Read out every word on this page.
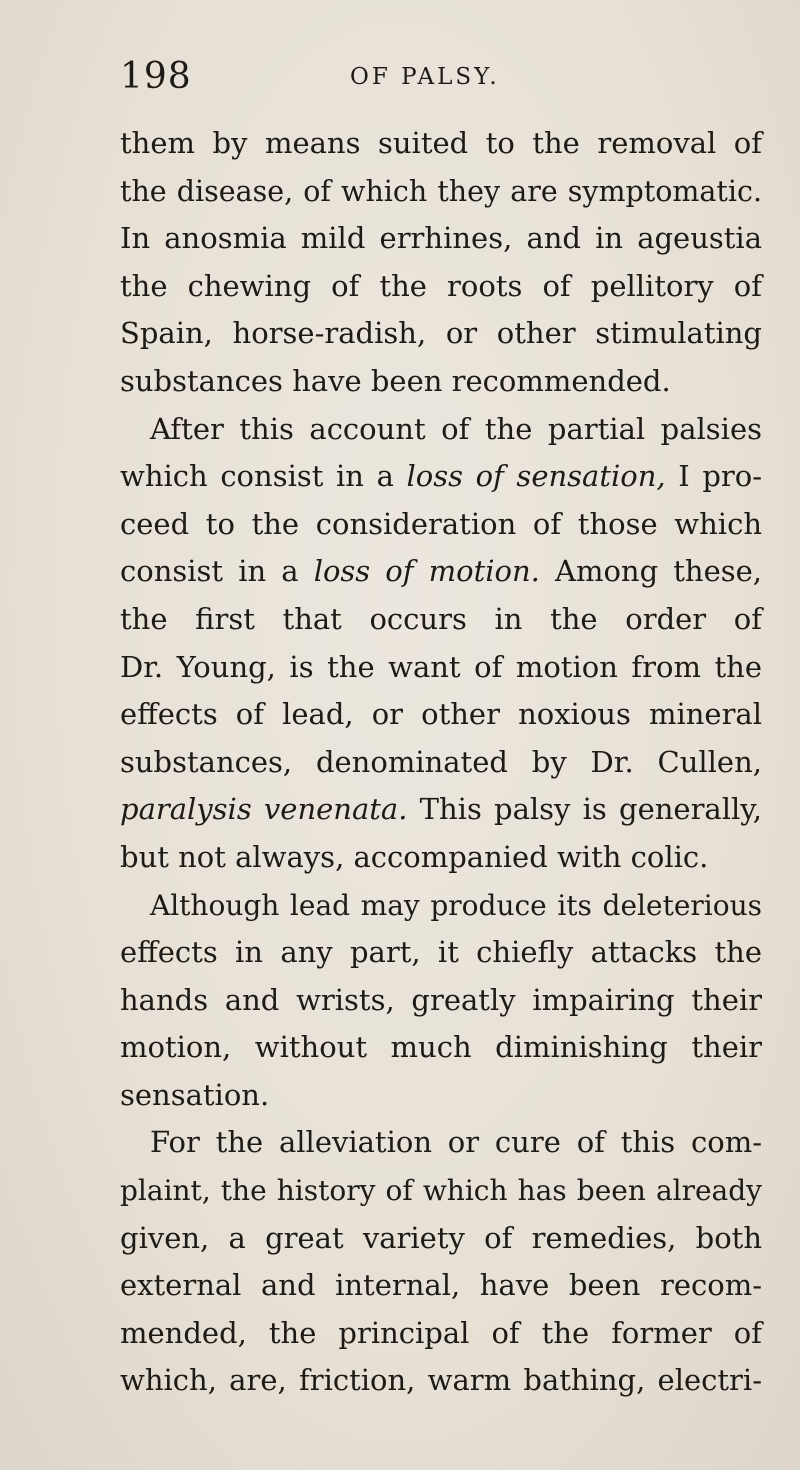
198	OF PALSY.
them by means suited to the removal of
the disease, of which they are symptomatic.
In anosmia mild errhines, and in ageustia
the chewing of the roots of pellitory of
Spain, horse-radish, or other stimulating
substances have been recommended.
After this account of the partial palsies
which consist in a loss of sensation, I pro-
ceed to the consideration of those which
consist in a loss of motion. Among these,
the first that occurs in the order of
Dr. Young, is the want of motion from the
effects of lead, or other noxious mineral
substances, denominated by Dr. Cullen,
paralysis venenata. This palsy is generally,
but not always, accompanied with colic.
Although lead may produce its deleterious
effects in any part, it chiefly attacks the
hands and wrists, greatly impairing their
motion, without much diminishing their
sensation.
For the alleviation or cure of this com-
plaint, the history of which has been already
given, a great variety of remedies, both
external and internal, have been recom-
mended, the principal of the former of
which, are, friction, warm bathing, electri-
